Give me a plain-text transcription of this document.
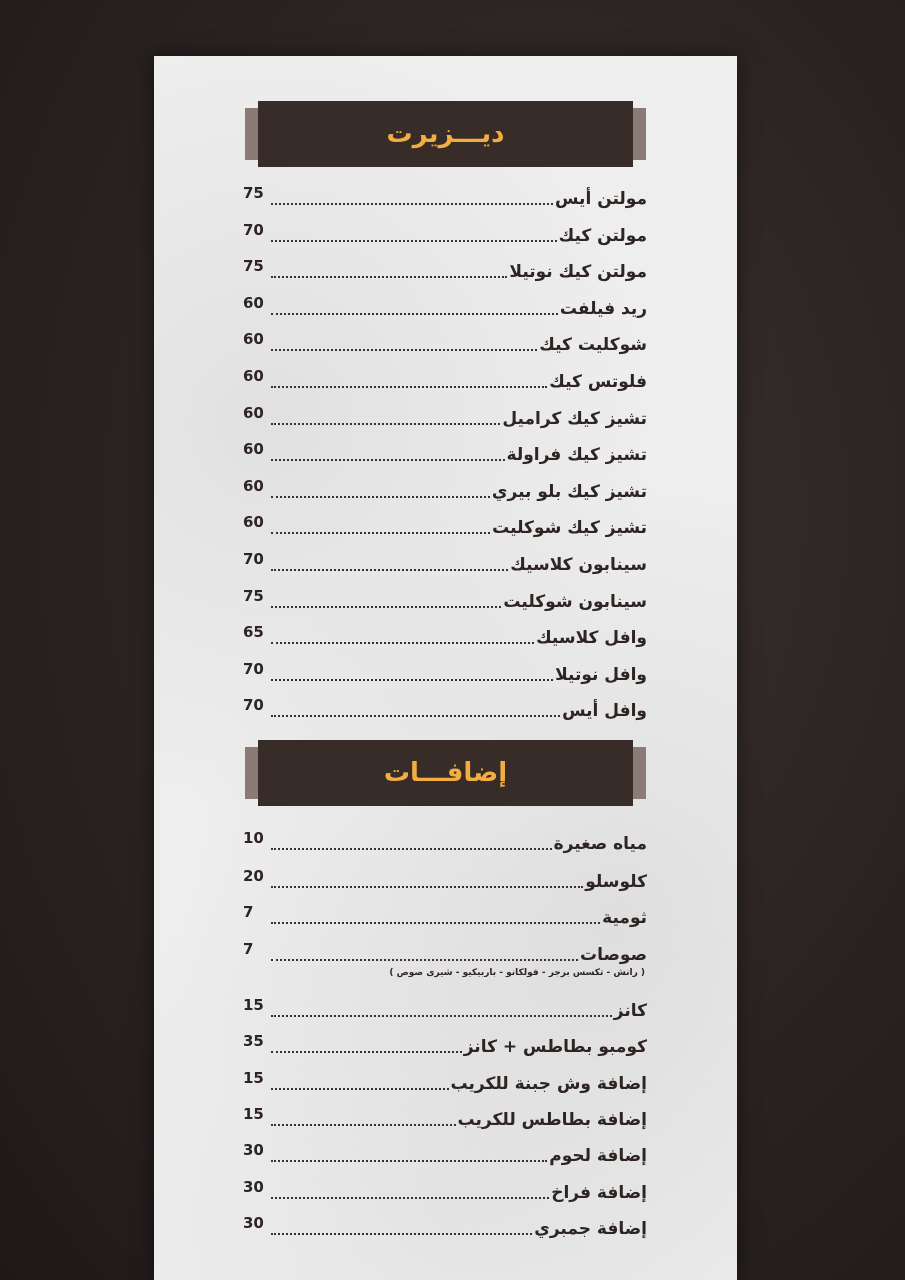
ديـــزيرت
مولتن أيس
75
مولتن كيك
70
مولتن كيك نوتيلا
75
ريد فيلفت
60
شوكليت كيك
60
فلوتس كيك
60
تشيز كيك كراميل
60
تشيز كيك فراولة
60
تشيز كيك بلو بيري
60
تشيز كيك شوكليت
60
سينابون كلاسيك
70
سينابون شوكليت
75
وافل كلاسيك
65
وافل نوتيلا
70
وافل أيس
70
إضافـــات
( رانش - تكسس برجر - فولكانو - باربيكيو - شيرى صوص )
مياه صغيرة
10
كلوسلو
20
ثومية
7
صوصات
7
كانز
15
كومبو بطاطس + كانز
35
إضافة وش جبنة للكريب
15
إضافة بطاطس للكريب
15
إضافة لحوم
30
إضافة فراخ
30
إضافة جمبري
30
